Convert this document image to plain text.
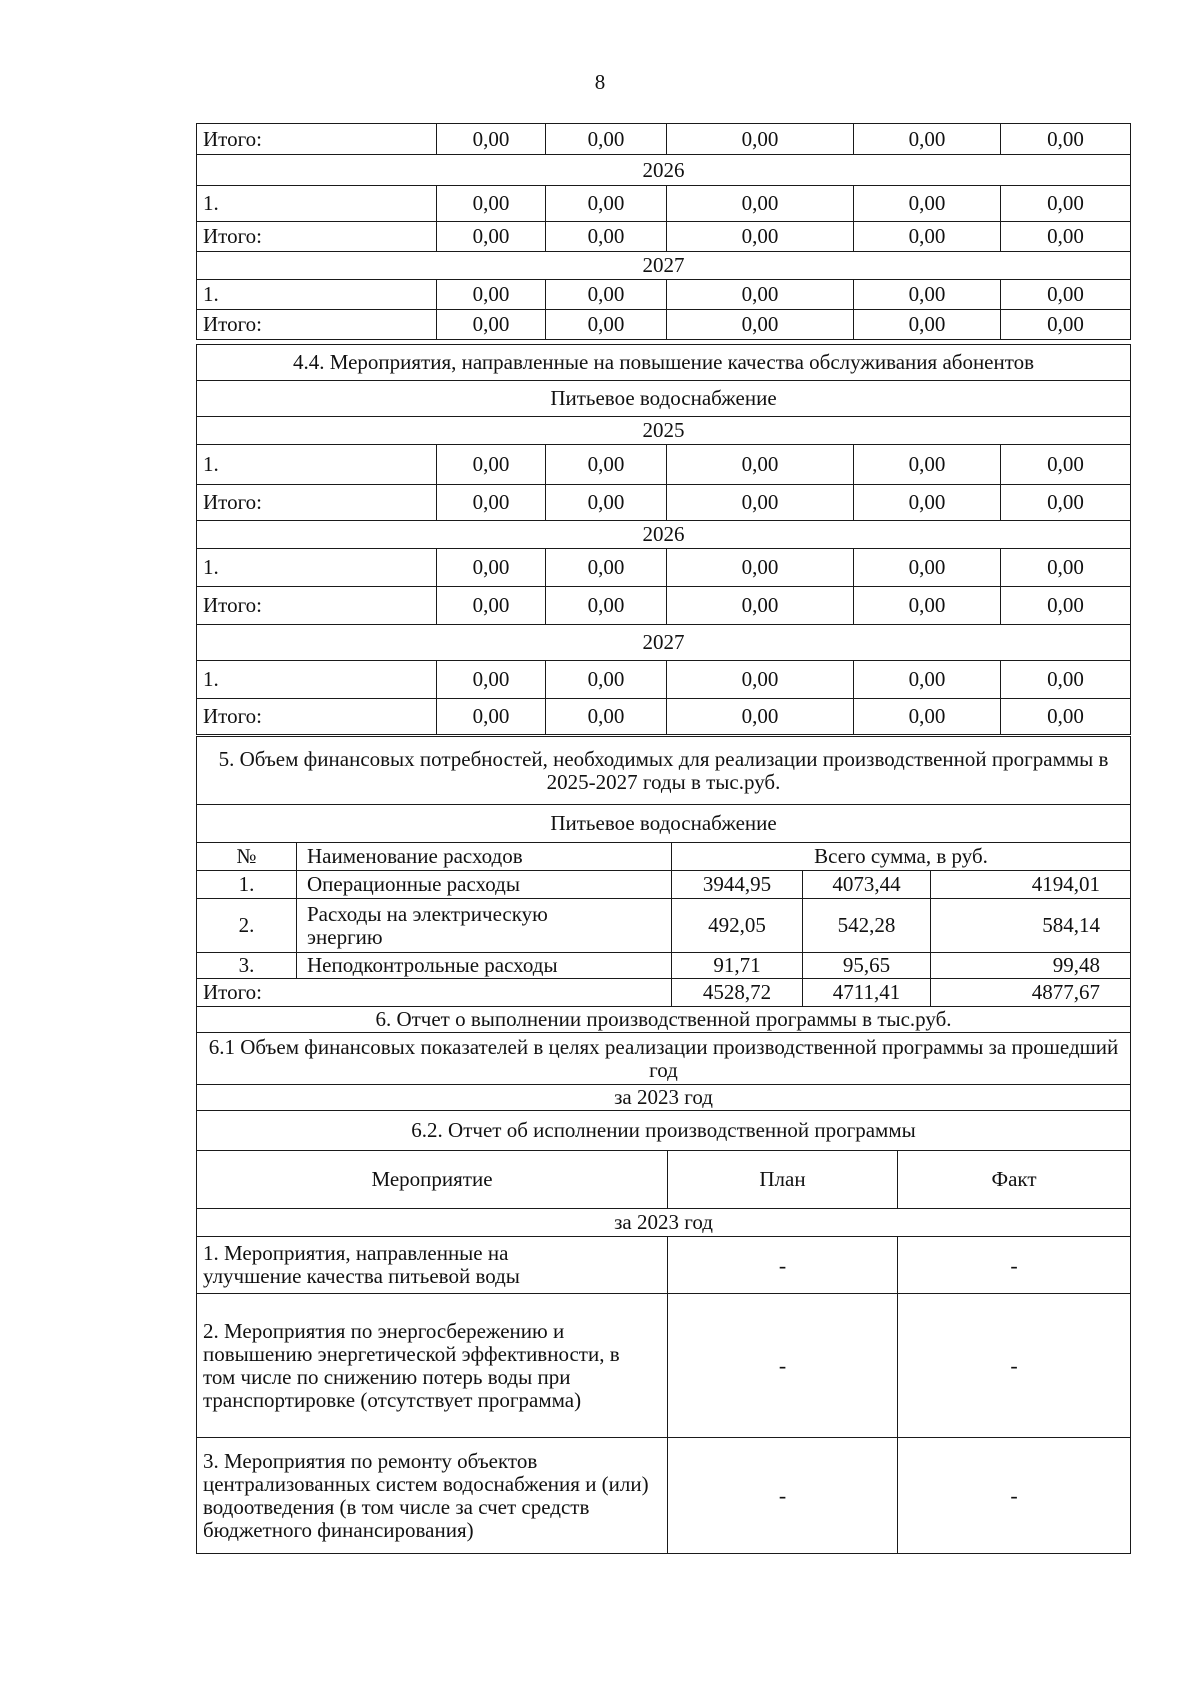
8
Итого:	0,00	0,00	0,00	0,00	0,00
2026					
1.	0,00	0,00	0,00	0,00	0,00
Итого:	0,00	0,00	0,00	0,00	0,00
2027					
1.	0,00	0,00	0,00	0,00	0,00
Итого:	0,00	0,00	0,00	0,00	0,00
4.4. Мероприятия, направленные на повышение качества обслуживания абонентов					
Питьевое водоснабжение					
2025					
1.	0,00	0,00	0,00	0,00	0,00
Итого:	0,00	0,00	0,00	0,00	0,00
2026					
1.	0,00	0,00	0,00	0,00	0,00
Итого:	0,00	0,00	0,00	0,00	0,00
2027					
1.	0,00	0,00	0,00	0,00	0,00
Итого:	0,00	0,00	0,00	0,00	0,00
5. Объем финансовых потребностей, необходимых для реализации производственной программы в 2025-2027 годы в тыс.руб.				
Питьевое водоснабжение				
№	Наименование расходов	Всего сумма, в руб.		
1.	Операционные расходы	3944,95	4073,44	4194,01
2.	Расходы на электрическую энергию	492,05	542,28	584,14
3.	Неподконтрольные расходы	91,71	95,65	99,48
Итого:		4528,72	4711,41	4877,67
6. Отчет о выполнении производственной программы в тыс.руб.		
6.1 Объем финансовых показателей в целях реализации производственной программы за прошедший год		
за 2023 год		
6.2. Отчет об исполнении производственной программы		
Мероприятие	План	Факт
за 2023 год		
1. Мероприятия, направленные на улучшение качества питьевой воды	-	-
2. Мероприятия по энергосбережению и повышению энергетической эффективности, в том числе по снижению потерь воды при транспортировке (отсутствует программа)	-	-
3. Мероприятия по ремонту объектов централизованных систем водоснабжения и (или) водоотведения (в том числе за счет средств бюджетного финансирования)	-	-
